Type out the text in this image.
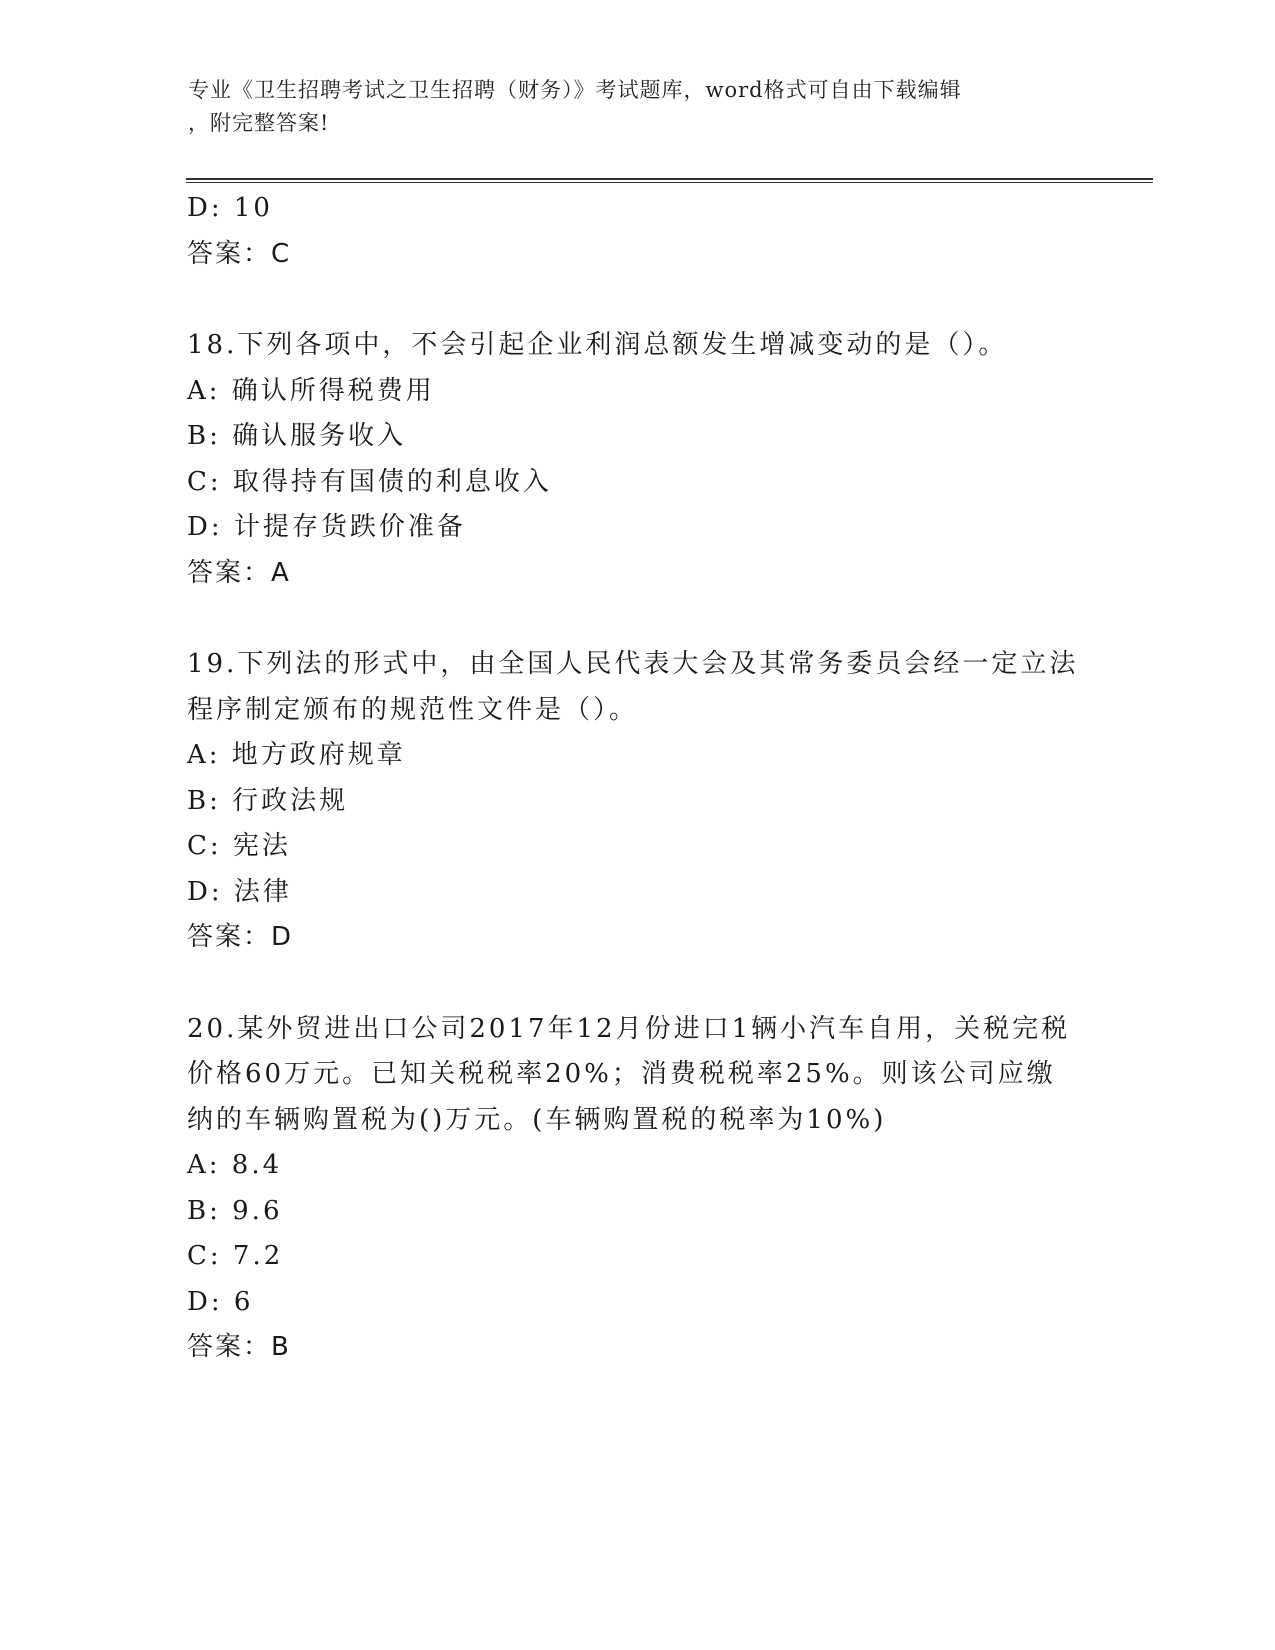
专业《卫生招聘考试之卫生招聘（财务）》考试题库，word格式可自由下载编辑
，附完整答案!
D: 10
答案：C
18.下列各项中，不会引起企业利润总额发生增减变动的是（）。
A: 确认所得税费用
B: 确认服务收入
C: 取得持有国债的利息收入
D: 计提存货跌价准备
答案：A
19.下列法的形式中，由全国人民代表大会及其常务委员会经一定立法
程序制定颁布的规范性文件是（）。
A: 地方政府规章
B: 行政法规
C: 宪法
D: 法律
答案：D
20.某外贸进出口公司2017年12月份进口1辆小汽车自用，关税完税
价格60万元。已知关税税率20%；消费税税率25%。则该公司应缴
纳的车辆购置税为()万元。(车辆购置税的税率为10%)
A: 8.4
B: 9.6
C: 7.2
D: 6
答案：B
